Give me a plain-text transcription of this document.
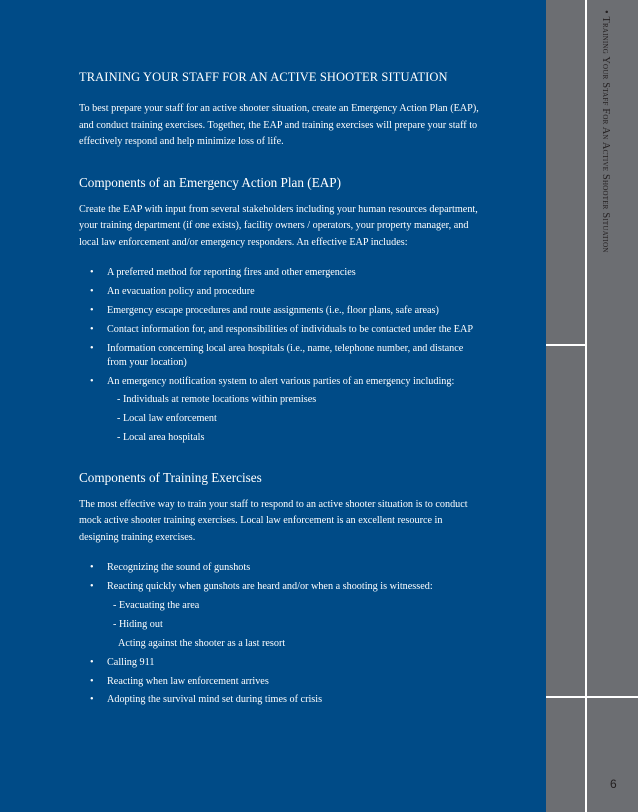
• Training Your Staff For An Active Shooter Situation
6
TRAINING YOUR STAFF FOR AN ACTIVE SHOOTER SITUATION

To best prepare your staff for an active shooter situation, create an Emergency Action Plan (EAP), and conduct training exercises. Together, the EAP and training exercises will prepare your staff to effectively respond and help minimize loss of life.

Components of an Emergency Action Plan (EAP)

Create the EAP with input from several stakeholders including your human resources department, your training department (if one exists), facility owners / operators, your property manager, and local law enforcement and/or emergency responders. An effective EAP includes:

• A preferred method for reporting fires and other emergencies
• An evacuation policy and procedure
• Emergency escape procedures and route assignments (i.e., floor plans, safe areas)
• Contact information for, and responsibilities of individuals to be contacted under the EAP
• Information concerning local area hospitals (i.e., name, telephone number, and distance from your location)
• An emergency notification system to alert various parties of an emergency including:
- Individuals at remote locations within premises
- Local law enforcement
- Local area hospitals
Components of Training Exercises

The most effective way to train your staff to respond to an active shooter situation is to conduct mock active shooter training exercises. Local law enforcement is an excellent resource in designing training exercises.

• Recognizing the sound of gunshots
• Reacting quickly when gunshots are heard and/or when a shooting is witnessed:
- Evacuating the area
- Hiding out
Acting against the shooter as a last resort
• Calling 911
• Reacting when law enforcement arrives
• Adopting the survival mind set during times of crisis
